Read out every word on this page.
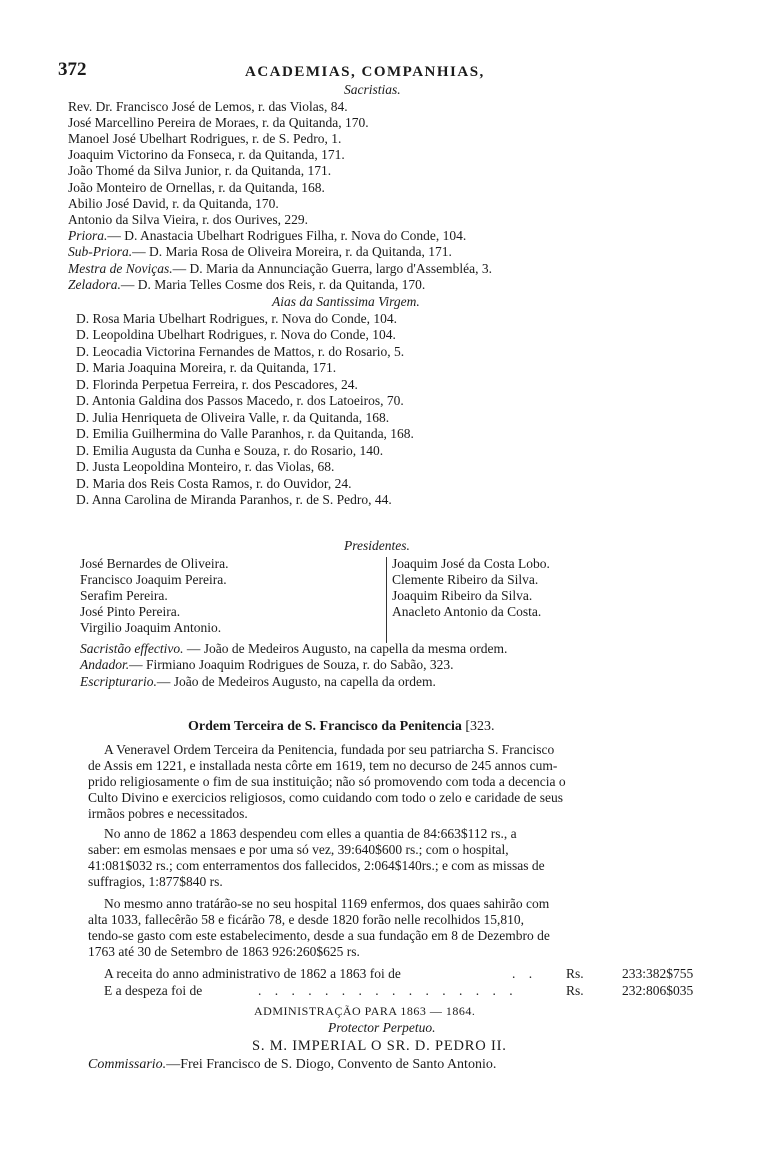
372	ACADEMIAS, COMPANHIAS,
Sacristias.
Rev. Dr. Francisco José de Lemos, r. das Violas, 84.
José Marcellino Pereira de Moraes, r. da Quitanda, 170.
Manoel José Ubelhart Rodrigues, r. de S. Pedro, 1.
Joaquim Victorino da Fonseca, r. da Quitanda, 171.
João Thomé da Silva Junior, r. da Quitanda, 171.
João Monteiro de Ornellas, r. da Quitanda, 168.
Abilio José David, r. da Quitanda, 170.
Antonio da Silva Vieira, r. dos Ourives, 229.
Priora.— D. Anastacia Ubelhart Rodrigues Filha, r. Nova do Conde, 104.
Sub-Priora.— D. Maria Rosa de Oliveira Moreira, r. da Quitanda, 171.
Mestra de Noviças.— D. Maria da Annunciação Guerra, largo d'Assembléa, 3.
Zeladora.— D. Maria Telles Cosme dos Reis, r. da Quitanda, 170.
Aias da Santissima Virgem.
D. Rosa Maria Ubelhart Rodrigues, r. Nova do Conde, 104.
D. Leopoldina Ubelhart Rodrigues, r. Nova do Conde, 104.
D. Leocadia Victorina Fernandes de Mattos, r. do Rosario, 5.
D. Maria Joaquina Moreira, r. da Quitanda, 171.
D. Florinda Perpetua Ferreira, r. dos Pescadores, 24.
D. Antonia Galdina dos Passos Macedo, r. dos Latoeiros, 70.
D. Julia Henriqueta de Oliveira Valle, r. da Quitanda, 168.
D. Emilia Guilhermina do Valle Paranhos, r. da Quitanda, 168.
D. Emilia Augusta da Cunha e Souza, r. do Rosario, 140.
D. Justa Leopoldina Monteiro, r. das Violas, 68.
D. Maria dos Reis Costa Ramos, r. do Ouvidor, 24.
D. Anna Carolina de Miranda Paranhos, r. de S. Pedro, 44.
Presidentes.
José Bernardes de Oliveira.
Francisco Joaquim Pereira.
Serafim Pereira.
José Pinto Pereira.
Virgilio Joaquim Antonio.
Joaquim José da Costa Lobo.
Clemente Ribeiro da Silva.
Joaquim Ribeiro da Silva.
Anacleto Antonio da Costa.
Sacristão effectivo. — João de Medeiros Augusto, na capella da mesma ordem.
Andador.— Firmiano Joaquim Rodrigues de Souza, r. do Sabão, 323.
Escripturario.— João de Medeiros Augusto, na capella da ordem.
Ordem Terceira de S. Francisco da Penitencia [323.
A Veneravel Ordem Terceira da Penitencia, fundada por seu patriarcha S. Francisco
de Assis em 1221, e installada nesta côrte em 1619, tem no decurso de 245 annos cum-
prido religiosamente o fim de sua instituição; não só promovendo com toda a decencia o
Culto Divino e exercicios religiosos, como cuidando com todo o zelo e caridade de seus
irmãos pobres e necessitados.
No anno de 1862 a 1863 despendeu com elles a quantia de 84:663$112 rs., a
saber: em esmolas mensaes e por uma só vez, 39:640$600 rs.; com o hospital,
41:081$032 rs.; com enterramentos dos fallecidos, 2:064$140rs.; e com as missas de
suffragios, 1:877$840 rs.
No mesmo anno tratárão-se no seu hospital 1169 enfermos, dos quaes sahirão com
alta 1033, fallecêrão 58 e ficárão 78, e desde 1820 forão nelle recolhidos 15,810,
tendo-se gasto com este estabelecimento, desde a sua fundação em 8 de Dezembro de
1763 até 30 de Setembro de 1863 926:260$625 rs.
A receita do anno administrativo de 1862 a 1863 foi de	. . Rs.	233:382$755
E a despeza foi de	. . . . . . . . . . . . . . . .	Rs.	232:806$035
ADMINISTRAÇÃO PARA 1863 — 1864.
Protector Perpetuo.
S. M. IMPERIAL O SR. D. PEDRO II.
Commissario.—Frei Francisco de S. Diogo, Convento de Santo Antonio.
